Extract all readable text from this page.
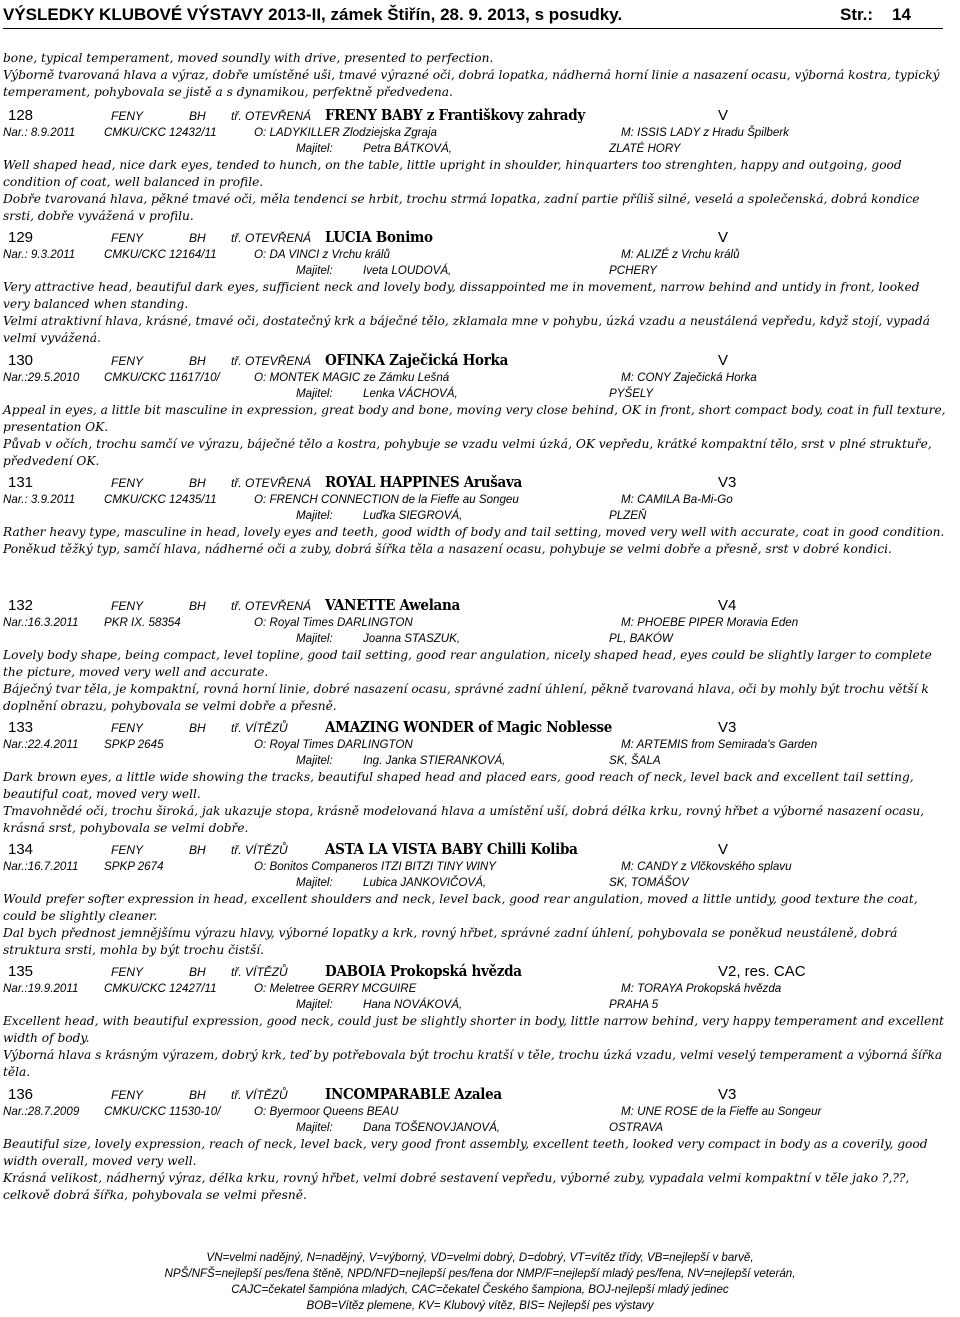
VÝSLEDKY KLUBOVÉ VÝSTAVY 2013-II, zámek Štiřín, 28. 9. 2013, s posudky.	Str.: 14

bone, typical temperament, moved soundly with drive, presented to perfection.

Výborně tvarovaná hlava a výraz, dobře umístěné uši, tmavé výrazné oči, dobrá lopatka, nádherná horní linie a nasazení ocasu, výborná kostra, typický temperament, pohybovala se jistě a s dynamikou, perfektně předvedena.

128	FENY	BH tř. OTEVŘENÁ FRENY BABY z Františkovy zahrady	V
Nar.: 8.9.2011 CMKU/CKC 12432/11	O: LADYKILLER Zlodziejska Zgraja	M: ISSIS LADY z Hradu Špilberk
Majitel:	Petra BÁTKOVÁ,	ZLATÉ HORY

Well shaped head, nice dark eyes, tended to hunch, on the table, little upright in shoulder, hinquarters too strenghten, happy and outgoing, good condition of coat, well balanced in profile.

Dobře tvarovaná hlava, pěkné tmavé oči, měla tendenci se hrbit, trochu strmá lopatka, zadní partie příliš silné, veselá a společenská, dobrá kondice srsti, dobře vyvážená v profilu.

129	FENY	BH tř. OTEVŘENÁ LUCIA Bonimo	V
Nar.: 9.3.2011 CMKU/CKC 12164/11	O: DA VINCI z Vrchu králů	M: ALIZÉ z Vrchu králů
Majitel:	Iveta LOUDOVÁ,	PCHERY

Very attractive head, beautiful dark eyes, sufficient neck and lovely body, dissappointed me in movement, narrow behind and untidy in front, looked very balanced when standing.

Velmi atraktivní hlava, krásné, tmavé oči, dostatečný krk a báječné tělo, zklamala mne v pohybu, úzká vzadu a neustálená vepředu, když stojí, vypadá velmi vyvážená.

130	FENY	BH tř. OTEVŘENÁ OFINKA Zaječická Horka	V
Nar.:29.5.2010 CMKU/CKC 11617/10/	O: MONTEK MAGIC ze Zámku Lešná	M: CONY Zaječická Horka
Majitel:	Lenka VÁCHOVÁ,	PYŠELY

Appeal in eyes, a little bit masculine in expression, great body and bone, moving very close behind, OK in front, short compact body, coat in full texture, presentation OK.

Půvab v očích, trochu samčí ve výrazu, báječné tělo a kostra, pohybuje se vzadu velmi úzká, OK vepředu, krátké kompaktní tělo, srst v plné struktuře, předvedení OK.

131	FENY	BH tř. OTEVŘENÁ ROYAL HAPPINES Arušava	V3
Nar.: 3.9.2011 CMKU/CKC 12435/11	O: FRENCH CONNECTION de la Fieffe au Songeu	M: CAMILA Ba-Mi-Go
Majitel:	Luďka SIEGROVÁ,	PLZEŇ

Rather heavy type, masculine in head, lovely eyes and teeth, good width of body and tail setting, moved very well with accurate, coat in good condition.

Poněkud těžký typ, samčí hlava, nádherné oči a zuby, dobrá šířka těla a nasazení ocasu, pohybuje se velmi dobře a přesně, srst v dobré kondici.

132	FENY	BH tř. OTEVŘENÁ VANETTE Awelana	V4
Nar.:16.3.2011 PKR IX. 58354	O: Royal Times DARLINGTON	M: PHOEBE PIPER Moravia Eden
Majitel:	Joanna STASZUK,	PL, BAKÓW

Lovely body shape, being compact, level topline, good tail setting, good rear angulation, nicely shaped head, eyes could be slightly larger to complete the picture, moved very well and accurate.

Báječný tvar těla, je kompaktní, rovná horní linie, dobré nasazení ocasu, správné zadní úhlení, pěkně tvarovaná hlava, oči by mohly být trochu větší k doplnění obrazu, pohybovala se velmi dobře a přesně.

133	FENY	BH tř. VÍTĚZŮ AMAZING WONDER of Magic Noblesse	V3
Nar.:22.4.2011 SPKP 2645	O: Royal Times DARLINGTON	M: ARTEMIS from Semirada's Garden
Majitel:	Ing. Janka STIERANKOVÁ,	SK, ŠALA

Dark brown eyes, a little wide showing the tracks, beautiful shaped head and placed ears, good reach of neck, level back and excellent tail setting, beautiful coat, moved very well.

Tmavohnědé oči, trochu široká, jak ukazuje stopa, krásně modelovaná hlava a umístění uší, dobrá délka krku, rovný hřbet a výborné nasazení ocasu, krásná srst, pohybovala se velmi dobře.

134	FENY	BH tř. VÍTĚZŮ ASTA LA VISTA BABY Chilli Koliba	V
Nar.:16.7.2011 SPKP 2674	O: Bonitos Companeros ITZI BITZI TINY WINY	M: CANDY z Vlčkovského splavu
Majitel:	Lubica JANKOVIČOVÁ,	SK, TOMÁŠOV

Would prefer softer expression in head, excellent shoulders and neck, level back, good rear angulation, moved a little untidy, good texture the coat, could be slightly cleaner.

Dal bych přednost jemnějšímu výrazu hlavy, výborné lopatky a krk, rovný hřbet, správné zadní úhlení, pohybovala se poněkud neustáleně, dobrá struktura srsti, mohla by být trochu čistší.

135	FENY	BH tř. VÍTĚZŮ DABOIA Prokopská hvězda	V2, res. CAC
Nar.:19.9.2011 CMKU/CKC 12427/11	O: Meletree GERRY MCGUIRE	M: TORAYA Prokopská hvězda
Majitel:	Hana NOVÁKOVÁ,	PRAHA 5

Excellent head, with beautiful expression, good neck, could just be slightly shorter in body, little narrow behind, very happy temperament and excellent width of body.

Výborná hlava s krásným výrazem, dobrý krk, teď by potřebovala být trochu kratší v těle, trochu úzká vzadu, velmi veselý temperament a výborná šířka těla.

136	FENY	BH tř. VÍTĚZŮ INCOMPARABLE Azalea	V3
Nar.:28.7.2009 CMKU/CKC 11530-10/	O: Byermoor Queens BEAU	M: UNE ROSE de la Fieffe au Songeur
Majitel:	Dana TOŠENOVJANOVÁ,	OSTRAVA

Beautiful size, lovely expression, reach of neck, level back, very good front assembly, excellent teeth, looked very compact in body as a coverily, good width overall, moved very well.

Krásná velikost, nádherný výraz, délka krku, rovný hřbet, velmi dobré sestavení vepředu, výborné zuby, vypadala velmi kompaktní v těle jako ?,??, celkově dobrá šířka, pohybovala se velmi přesně.

VN=velmi nadějný, N=nadějný, V=výborný, VD=velmi dobrý, D=dobrý, VT=vítěz třídy, VB=nejlepší v barvě,
NPŠ/NFŠ=nejlepší pes/fena štěně, NPD/NFD=nejlepší pes/fena dor NMP/F=nejlepší mladý pes/fena, NV=nejlepší veterán,
CAJC=čekatel šampióna mladých, CAC=čekatel Českého šampiona, BOJ-nejlepší mladý jedinec
BOB=Vítěz plemene, KV= Klubový vítěz, BIS= Nejlepší pes výstavy
